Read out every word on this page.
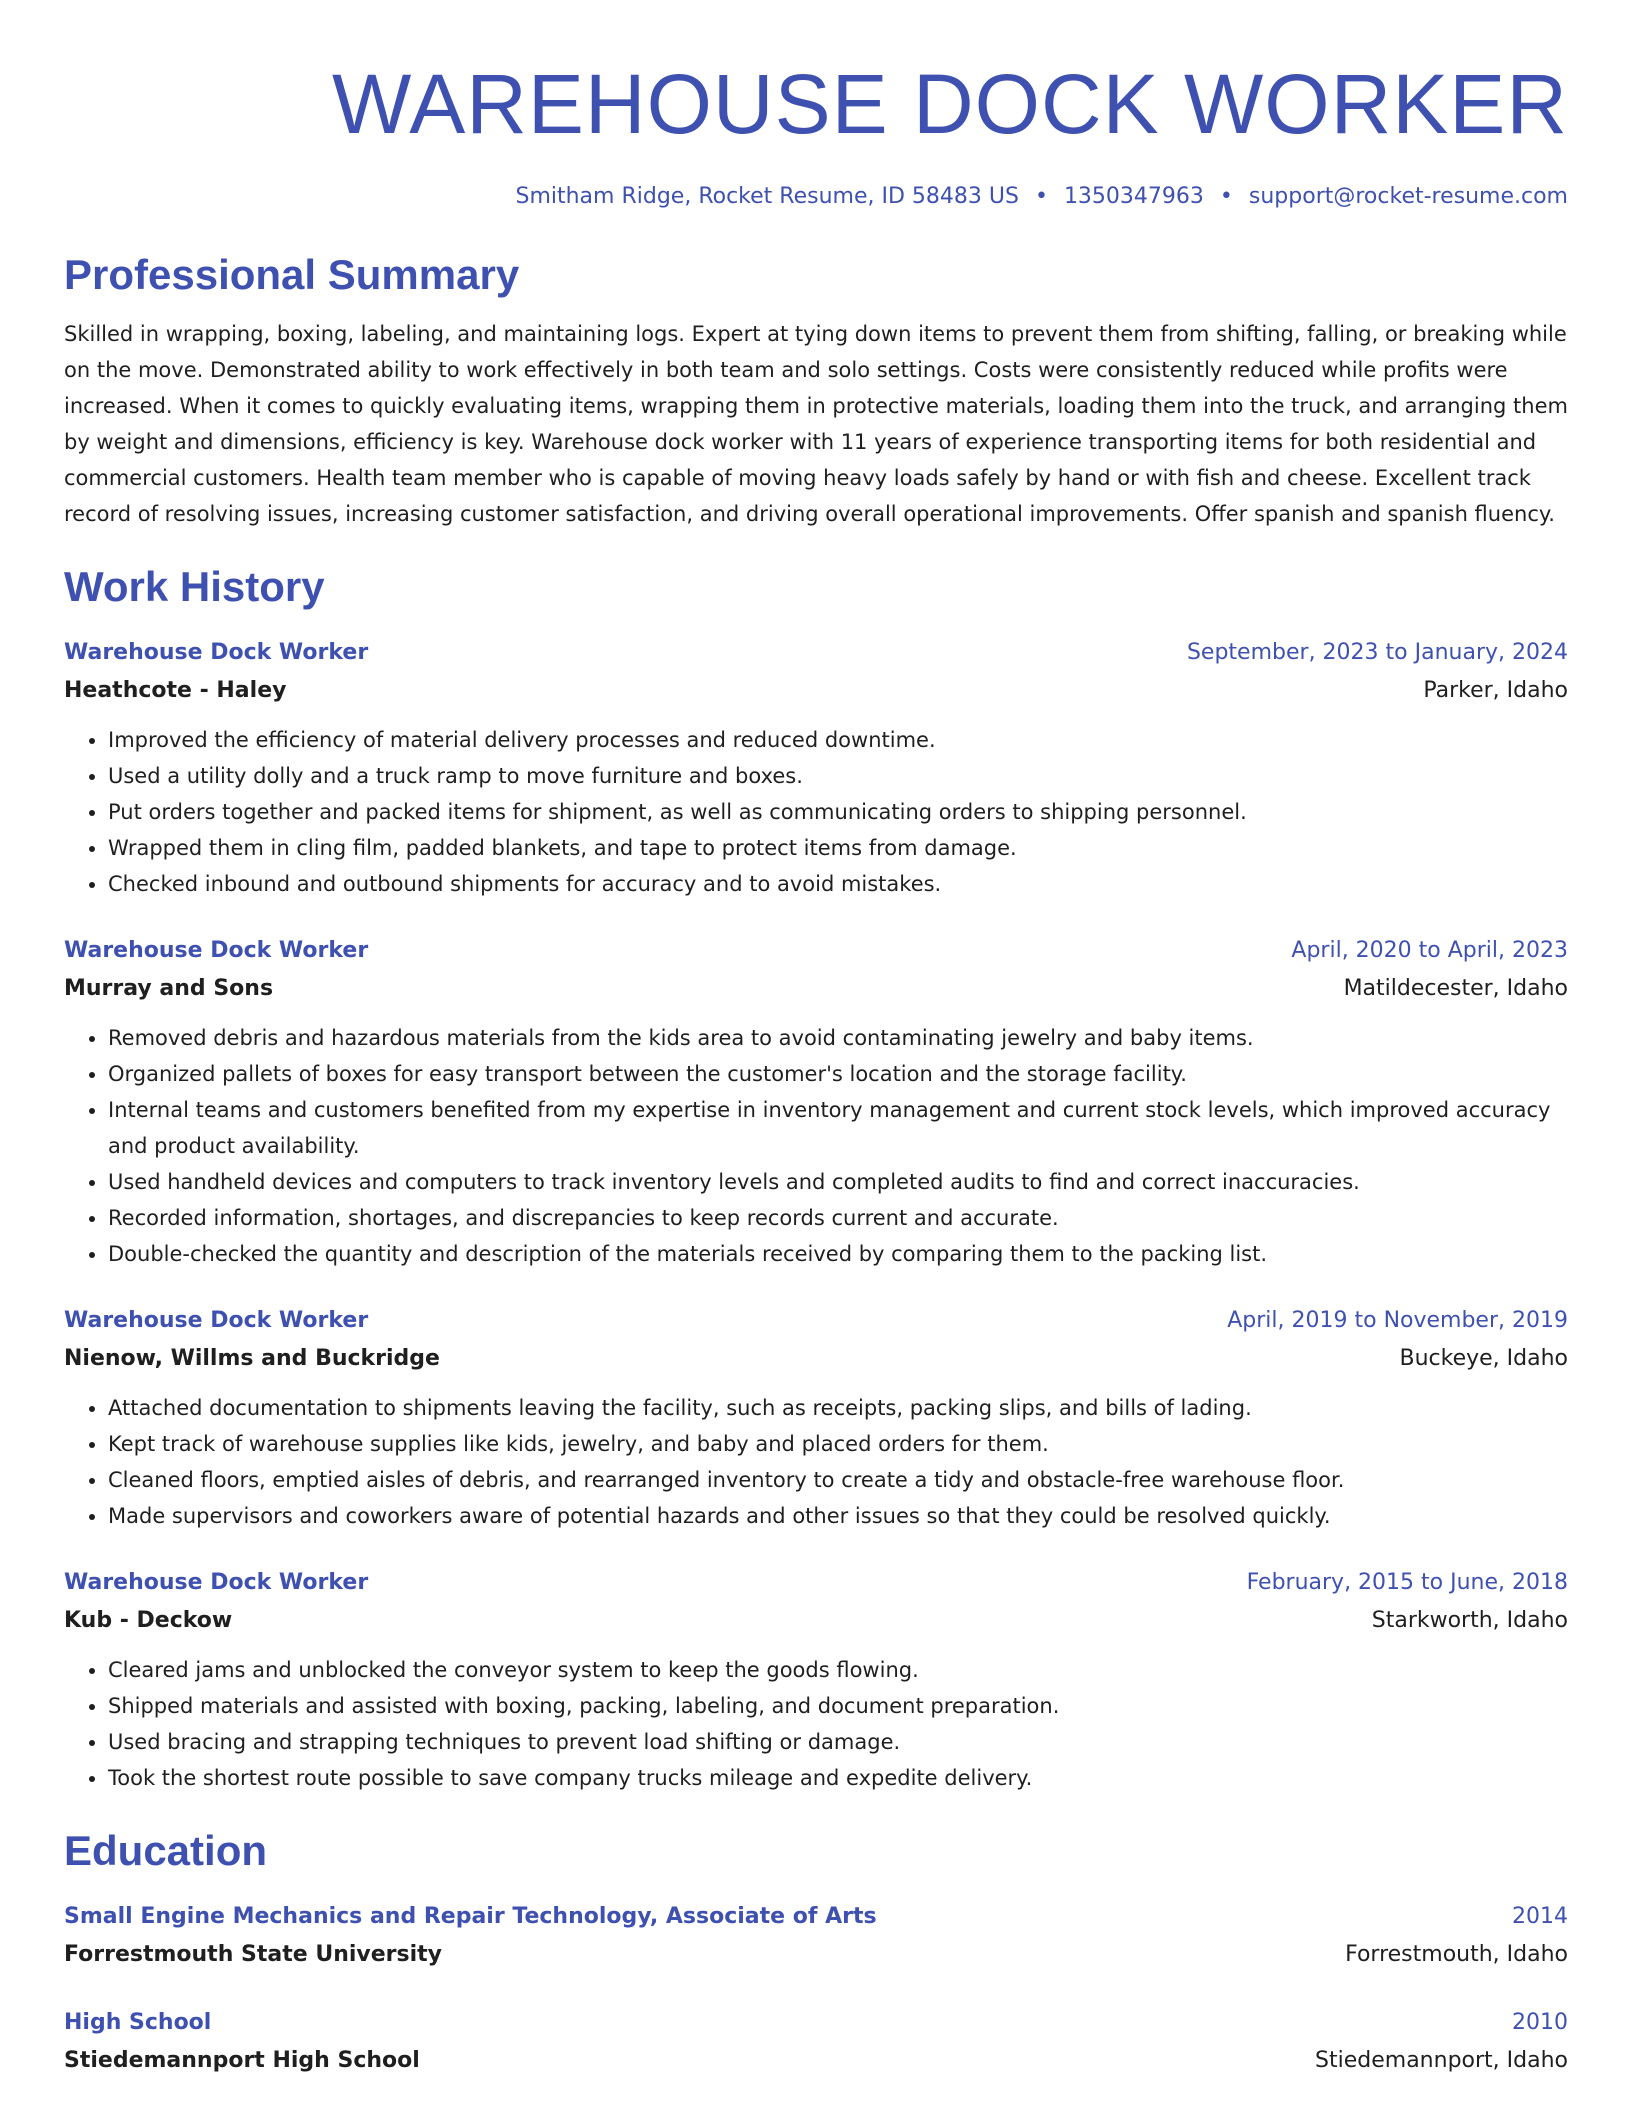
WAREHOUSE DOCK WORKER
Smitham Ridge, Rocket Resume, ID 58483 US • 1350347963 • support@rocket-resume.com
Professional Summary
Skilled in wrapping, boxing, labeling, and maintaining logs. Expert at tying down items to prevent them from shifting, falling, or breaking while on the move. Demonstrated ability to work effectively in both team and solo settings. Costs were consistently reduced while profits were increased. When it comes to quickly evaluating items, wrapping them in protective materials, loading them into the truck, and arranging them by weight and dimensions, efficiency is key. Warehouse dock worker with 11 years of experience transporting items for both residential and commercial customers. Health team member who is capable of moving heavy loads safely by hand or with fish and cheese. Excellent track record of resolving issues, increasing customer satisfaction, and driving overall operational improvements. Offer spanish and spanish fluency.
Work History
Warehouse Dock Worker	September, 2023 to January, 2024
Heathcote - Haley	Parker, Idaho
• Improved the efficiency of material delivery processes and reduced downtime.
• Used a utility dolly and a truck ramp to move furniture and boxes.
• Put orders together and packed items for shipment, as well as communicating orders to shipping personnel.
• Wrapped them in cling film, padded blankets, and tape to protect items from damage.
• Checked inbound and outbound shipments for accuracy and to avoid mistakes.
Warehouse Dock Worker	April, 2020 to April, 2023
Murray and Sons	Matildecester, Idaho
• Removed debris and hazardous materials from the kids area to avoid contaminating jewelry and baby items.
• Organized pallets of boxes for easy transport between the customer's location and the storage facility.
• Internal teams and customers benefited from my expertise in inventory management and current stock levels, which improved accuracy and product availability.
• Used handheld devices and computers to track inventory levels and completed audits to find and correct inaccuracies.
• Recorded information, shortages, and discrepancies to keep records current and accurate.
• Double-checked the quantity and description of the materials received by comparing them to the packing list.
Warehouse Dock Worker	April, 2019 to November, 2019
Nienow, Willms and Buckridge	Buckeye, Idaho
• Attached documentation to shipments leaving the facility, such as receipts, packing slips, and bills of lading.
• Kept track of warehouse supplies like kids, jewelry, and baby and placed orders for them.
• Cleaned floors, emptied aisles of debris, and rearranged inventory to create a tidy and obstacle-free warehouse floor.
• Made supervisors and coworkers aware of potential hazards and other issues so that they could be resolved quickly.
Warehouse Dock Worker	February, 2015 to June, 2018
Kub - Deckow	Starkworth, Idaho
• Cleared jams and unblocked the conveyor system to keep the goods flowing.
• Shipped materials and assisted with boxing, packing, labeling, and document preparation.
• Used bracing and strapping techniques to prevent load shifting or damage.
• Took the shortest route possible to save company trucks mileage and expedite delivery.
Education
Small Engine Mechanics and Repair Technology, Associate of Arts	2014
Forrestmouth State University	Forrestmouth, Idaho
High School	2010
Stiedemannport High School	Stiedemannport, Idaho
